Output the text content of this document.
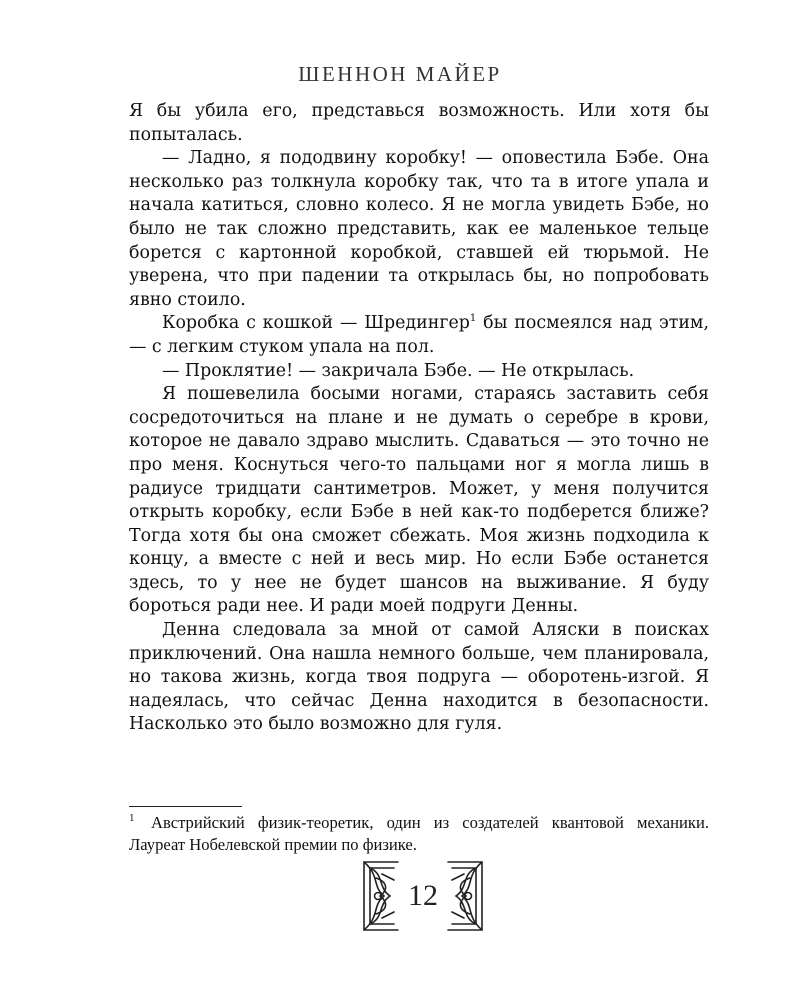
ШЕННОН МАЙЕР

Я бы убила его, представься возможность. Или хотя бы попыталась.

— Ладно, я пододвину коробку! — оповестила Бэбе. Она несколько раз толкнула коробку так, что та в итоге упала и начала катиться, словно колесо. Я не могла увидеть Бэбе, но было не так сложно представить, как ее маленькое тельце борется с картонной коробкой, ставшей ей тюрьмой. Не уверена, что при падении та открылась бы, но попробовать явно стоило.

Коробка с кошкой — Шредингер$^1$ бы посмеялся над этим, — с легким стуком упала на пол.

— Проклятие! — закричала Бэбе. — Не открылась.

Я пошевелила босыми ногами, стараясь заставить себя сосредоточиться на плане и не думать о серебре в крови, которое не давало здраво мыслить. Сдаваться — это точно не про меня. Коснуться чего-то пальцами ног я могла лишь в радиусе тридцати сантиметров. Может, у меня получится открыть коробку, если Бэбе в ней как-то подберется ближе? Тогда хотя бы она сможет сбежать. Моя жизнь подходила к концу, а вместе с ней и весь мир. Но если Бэбе останется здесь, то у нее не будет шансов на выживание. Я буду бороться ради нее. И ради моей подруги Денны.

Денна следовала за мной от самой Аляски в поисках приключений. Она нашла немного больше, чем планировала, но такова жизнь, когда твоя подруга — оборотень-изгой. Я надеялась, что сейчас Денна находится в безопасности. Насколько это было возможно для гуля.

1 Австрийский физик-теоретик, один из создателей квантовой механики. Лауреат Нобелевской премии по физике.
12
